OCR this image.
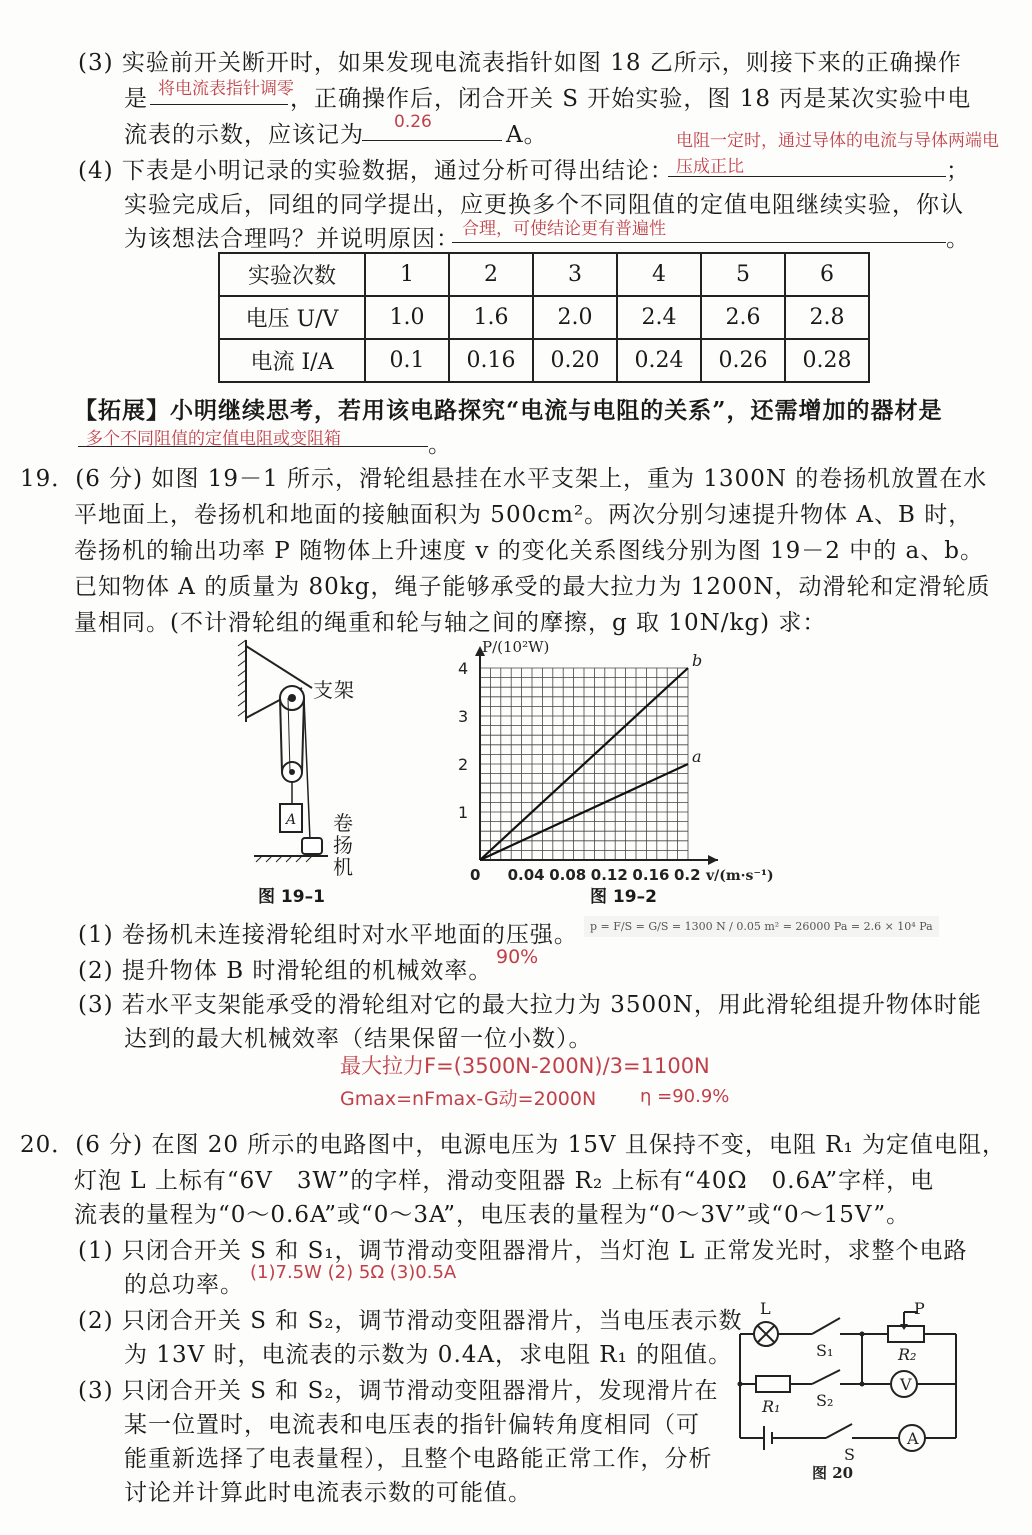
(3) 实验前开关断开时，如果发现电流表指针如图 18 乙所示，则接下来的正确操作
是 将电流表指针调零
，正确操作后，闭合开关 S 开始实验，图 18 丙是某次实验中电
流表的示数，应该记为 0.26	A。	电阻一定时，通过导体的电流与导体两端电
(4) 下表是小明记录的实验数据，通过分析可得出结论： 压成正比	；
实验完成后，同组的同学提出，应更换多个不同阻值的定值电阻继续实验，你认
为该想法合理吗？并说明原因： 合理，可使结论更有普遍性	。
实验次数	1	2	3	4	5	6
电压 U/V	1.0	1.6	2.0	2.4	2.6	2.8
电流 I/A	0.1	0.16	0.20	0.24	0.26	0.28
【拓展】小明继续思考，若用该电路探究“电流与电阻的关系”，还需增加的器材是
多个不同阻值的定值电阻或变阻箱	。
19．(6 分) 如图 19－1 所示，滑轮组悬挂在水平支架上，重为 1300N 的卷扬机放置在水
平地面上，卷扬机和地面的接触面积为 500cm²。两次分别匀速提升物体 A、B 时，
卷扬机的输出功率 P 随物体上升速度 v 的变化关系图线分别为图 19－2 中的 a、b。
已知物体 A 的质量为 80kg，绳子能够承受的最大拉力为 1200N，动滑轮和定滑轮质
量相同。(不计滑轮组的绳重和轮与轴之间的摩擦，g 取 10N/kg) 求：
A
支架
卷扬机
图 19–1
0 0.04 0.08 0.12 0.16 0.2
1
2
3
4
P/(10²W)
v/(m·s⁻¹)
a
b
图 19–2
(1) 卷扬机未连接滑轮组时对水平地面的压强。	p = F/S = G/S = 1300 N / 0.05 m² = 26000 Pa = 2.6 × 10⁴ Pa
(2) 提升物体 B 时滑轮组的机械效率。
90%
(3) 若水平支架能承受的滑轮组对它的最大拉力为 3500N，用此滑轮组提升物体时能
达到的最大机械效率（结果保留一位小数）。
最大拉力F=(3500N-200N)/3=1100N
Gmax=nFmax-G动=2000N η =90.9%
20．(6 分) 在图 20 所示的电路图中，电源电压为 15V 且保持不变，电阻 R₁ 为定值电阻，
灯泡 L 上标有“6V　3W”的字样，滑动变阻器 R₂ 上标有“40Ω　0.6A”字样，电
流表的量程为“0～0.6A”或“0～3A”，电压表的量程为“0～3V”或“0～15V”。
(1) 只闭合开关 S 和 S₁，调节滑动变阻器滑片，当灯泡 L 正常发光时，求整个电路
的总功率。 (1)7.5W (2) 5Ω (3)0.5A
(2) 只闭合开关 S 和 S₂，调节滑动变阻器滑片，当电压表示数
为 13V 时，电流表的示数为 0.4A，求电阻 R₁ 的阻值。
(3) 只闭合开关 S 和 S₂，调节滑动变阻器滑片，发现滑片在
某一位置时，电流表和电压表的指针偏转角度相同（可
能重新选择了电表量程），且整个电路能正常工作，分析
讨论并计算此时电流表示数的可能值。
L	P
S₁	R₂
V
R₁ S₂
S
A
图 20
